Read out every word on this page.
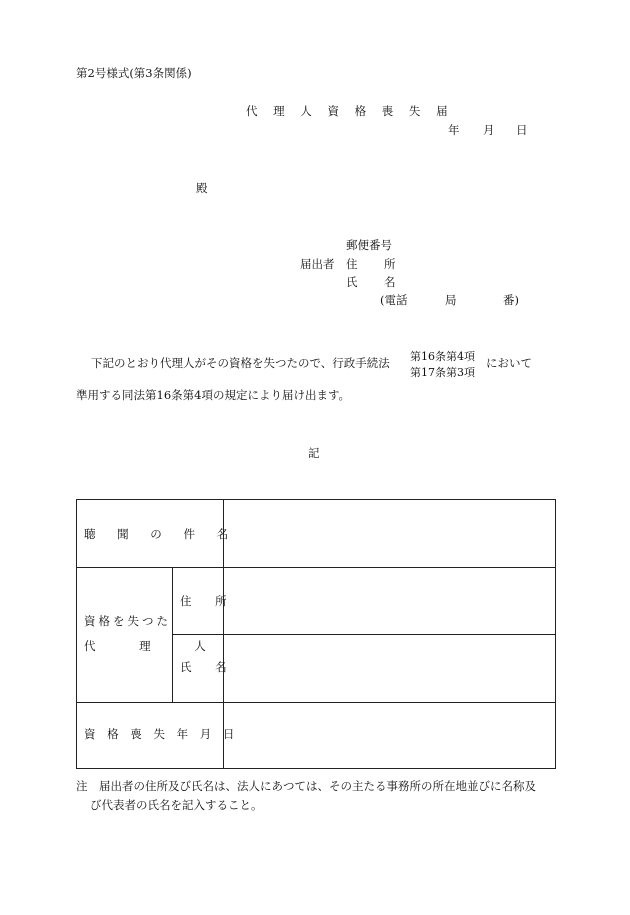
第2号様式(第3条関係)
代 理 人 資 格 喪 失 届
年 月 日
殿
郵便番号
届出者 住 所
氏 名
(電話	局	番)
下記のとおり代理人がその資格を失つたので、行政手続法 第16条第4項
第17条第3項
において
準用する同法第16条第4項の規定により届け出ます。
記
聴 聞 の 件 名
資格を失つた
代 理 人
住 所
氏 名
資 格 喪 失 年 月 日
注　届出者の住所及び氏名は、法人にあつては、その主たる事務所の所在地並びに名称及
び代表者の氏名を記入すること。
